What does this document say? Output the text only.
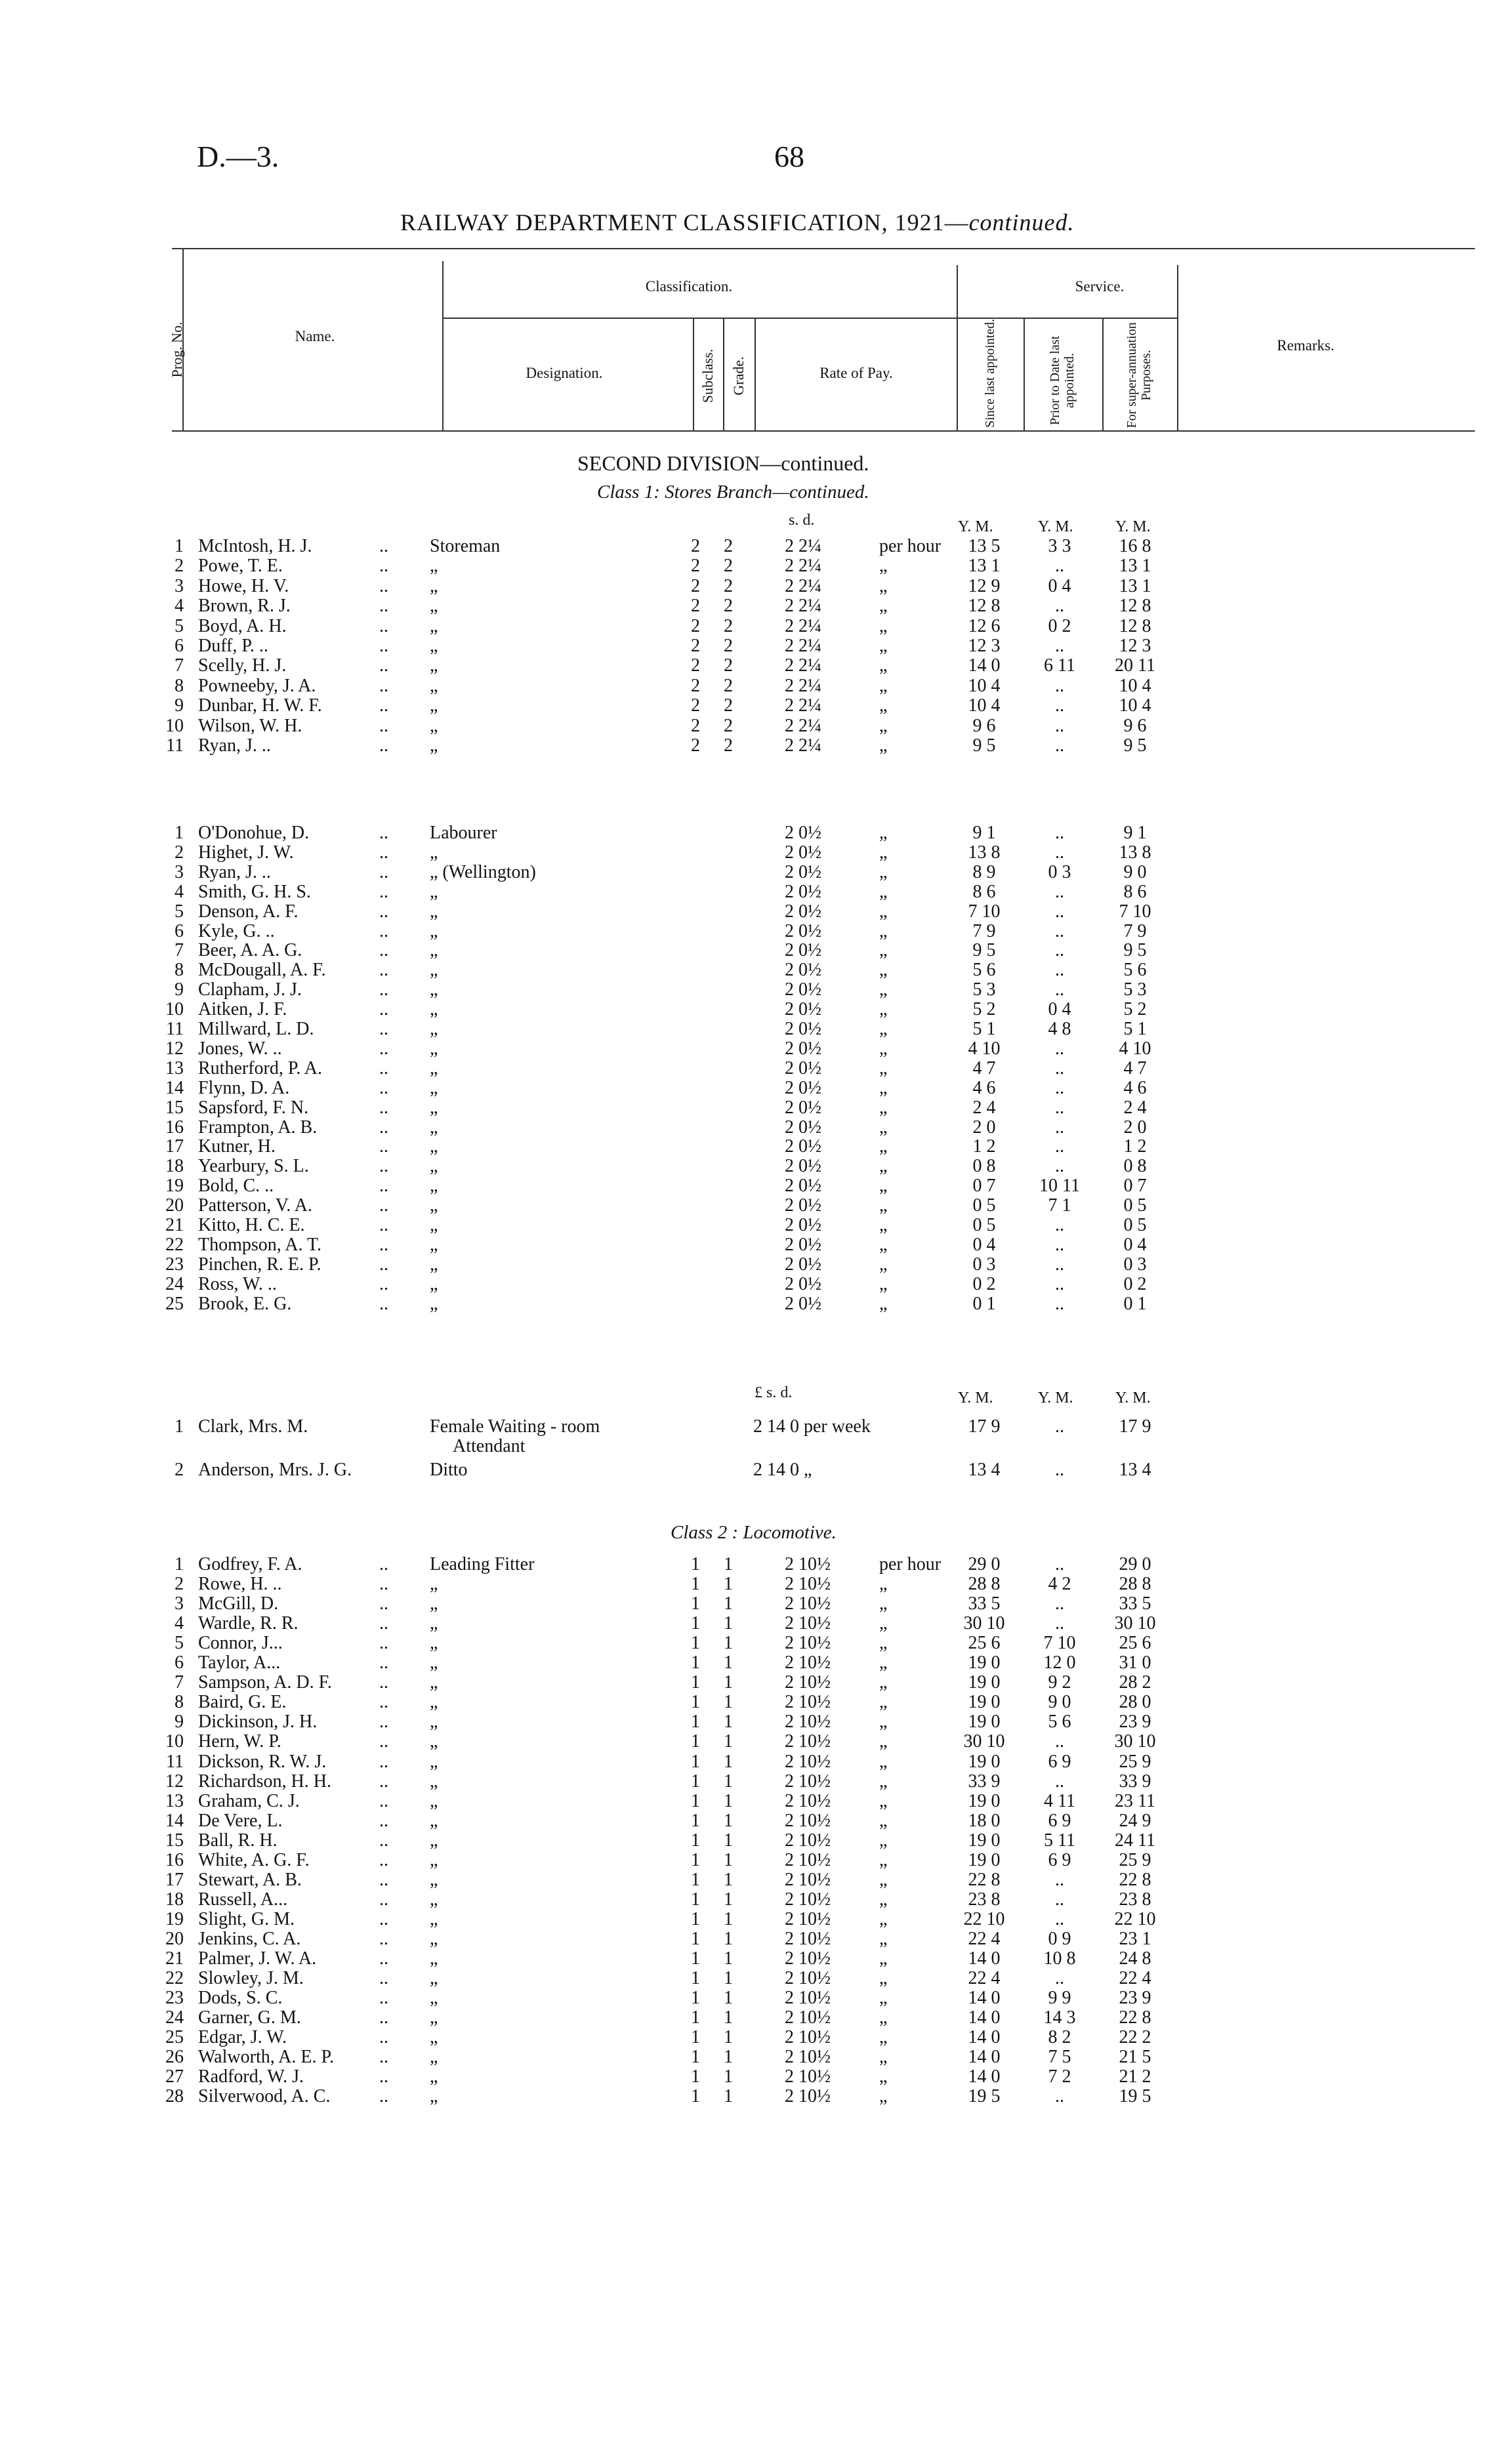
D.—3.	68
RAILWAY DEPARTMENT CLASSIFICATION, 1921—continued.
Prog. No.	Name.
Classification.	Service.
Designation.	Subclass. Grade.	Rate of Pay.	Since last appointed.	Prior to Date last appointed.	For super-annuation Purposes.
Remarks.
SECOND DIVISION—continued.
Class 1: Stores Branch—continued.
s. d.	Y. M.	Y. M.	Y. M.
1 McIntosh, H. J.	.. Storeman	2	2	2 2¼	per hour	13 5	3 3	16 8
2 Powe, T. E.	.. „	2	2	2 2¼	„	13 1	..	13 1
3 Howe, H. V.	.. „	2	2	2 2¼	„	12 9	0 4	13 1
4 Brown, R. J.	.. „	2	2	2 2¼	„	12 8	..	12 8
5 Boyd, A. H.	.. „	2	2	2 2¼	„	12 6	0 2	12 8
6 Duff, P. ..	.. „	2	2	2 2¼	„	12 3	..	12 3
7 Scelly, H. J.	.. „	2	2	2 2¼	„	14 0	6 11	20 11
8 Powneeby, J. A.	.. „	2	2	2 2¼	„	10 4	..	10 4
9 Dunbar, H. W. F.	.. „	2	2	2 2¼	„	10 4	..	10 4
10 Wilson, W. H.	.. „	2	2	2 2¼	„	9 6	..	9 6
11 Ryan, J. ..	.. „	2	2	2 2¼	„	9 5	..	9 5
1 O'Donohue, D.	.. Labourer	2 0½	„	9 1	..	9 1
2 Highet, J. W.	.. „	2 0½	„	13 8	..	13 8
3 Ryan, J. ..	.. „ (Wellington)	2 0½	„	8 9	0 3	9 0
4 Smith, G. H. S.	.. „	2 0½	„	8 6	..	8 6
5 Denson, A. F.	.. „	2 0½	„	7 10	..	7 10
6 Kyle, G. ..	.. „	2 0½	„	7 9	..	7 9
7 Beer, A. A. G.	.. „	2 0½	„	9 5	..	9 5
8 McDougall, A. F.	.. „	2 0½	„	5 6	..	5 6
9 Clapham, J. J.	.. „	2 0½	„	5 3	..	5 3
10 Aitken, J. F.	.. „	2 0½	„	5 2	0 4	5 2
11 Millward, L. D.	.. „	2 0½	„	5 1	4 8	5 1
12 Jones, W. ..	.. „	2 0½	„	4 10	..	4 10
13 Rutherford, P. A.	.. „	2 0½	„	4 7	..	4 7
14 Flynn, D. A.	.. „	2 0½	„	4 6	..	4 6
15 Sapsford, F. N.	.. „	2 0½	„	2 4	..	2 4
16 Frampton, A. B.	.. „	2 0½	„	2 0	..	2 0
17 Kutner, H.	.. „	2 0½	„	1 2	..	1 2
18 Yearbury, S. L.	.. „	2 0½	„	0 8	..	0 8
19 Bold, C. ..	.. „	2 0½	„	0 7	10 11	0 7
20 Patterson, V. A.	.. „	2 0½	„	0 5	7 1	0 5
21 Kitto, H. C. E.	.. „	2 0½	„	0 5	..	0 5
22 Thompson, A. T.	.. „	2 0½	„	0 4	..	0 4
23 Pinchen, R. E. P.	.. „	2 0½	„	0 3	..	0 3
24 Ross, W. ..	.. „	2 0½	„	0 2	..	0 2
25 Brook, E. G.	.. „	2 0½	„	0 1	..	0 1
£ s. d.	Y. M.	Y. M.	Y. M.
1 Clark, Mrs. M.	Female Waiting - room	2 14 0 per week	17 9	..	17 9
Attendant
2 Anderson, Mrs. J. G.	Ditto	2 14 0 „	13 4	..	13 4
Class 2 : Locomotive.
1 Godfrey, F. A.	.. Leading Fitter	1	1	2 10½	per hour	29 0	..	29 0
2 Rowe, H. ..	.. „	1	1	2 10½	„	28 8	4 2	28 8
3 McGill, D.	.. „	1	1	2 10½	„	33 5	..	33 5
4 Wardle, R. R.	.. „	1	1	2 10½	„	30 10	..	30 10
5 Connor, J...	.. „	1	1	2 10½	„	25 6	7 10	25 6
6 Taylor, A...	.. „	1	1	2 10½	„	19 0	12 0	31 0
7 Sampson, A. D. F.	.. „	1	1	2 10½	„	19 0	9 2	28 2
8 Baird, G. E.	.. „	1	1	2 10½	„	19 0	9 0	28 0
9 Dickinson, J. H.	.. „	1	1	2 10½	„	19 0	5 6	23 9
10 Hern, W. P.	.. „	1	1	2 10½	„	30 10	..	30 10
11 Dickson, R. W. J.	.. „	1	1	2 10½	„	19 0	6 9	25 9
12 Richardson, H. H.	.. „	1	1	2 10½	„	33 9	..	33 9
13 Graham, C. J.	.. „	1	1	2 10½	„	19 0	4 11	23 11
14 De Vere, L.	.. „	1	1	2 10½	„	18 0	6 9	24 9
15 Ball, R. H.	.. „	1	1	2 10½	„	19 0	5 11	24 11
16 White, A. G. F.	.. „	1	1	2 10½	„	19 0	6 9	25 9
17 Stewart, A. B.	.. „	1	1	2 10½	„	22 8	..	22 8
18 Russell, A...	.. „	1	1	2 10½	„	23 8	..	23 8
19 Slight, G. M.	.. „	1	1	2 10½	„	22 10	..	22 10
20 Jenkins, C. A.	.. „	1	1	2 10½	„	22 4	0 9	23 1
21 Palmer, J. W. A.	.. „	1	1	2 10½	„	14 0	10 8	24 8
22 Slowley, J. M.	.. „	1	1	2 10½	„	22 4	..	22 4
23 Dods, S. C.	.. „	1	1	2 10½	„	14 0	9 9	23 9
24 Garner, G. M.	.. „	1	1	2 10½	„	14 0	14 3	22 8
25 Edgar, J. W.	.. „	1	1	2 10½	„	14 0	8 2	22 2
26 Walworth, A. E. P. .. „	1	1	2 10½	„	14 0	7 5	21 5
27 Radford, W. J.	.. „	1	1	2 10½	„	14 0	7 2	21 2
28 Silverwood, A. C.	.. „	1	1	2 10½	„	19 5	..	19 5
